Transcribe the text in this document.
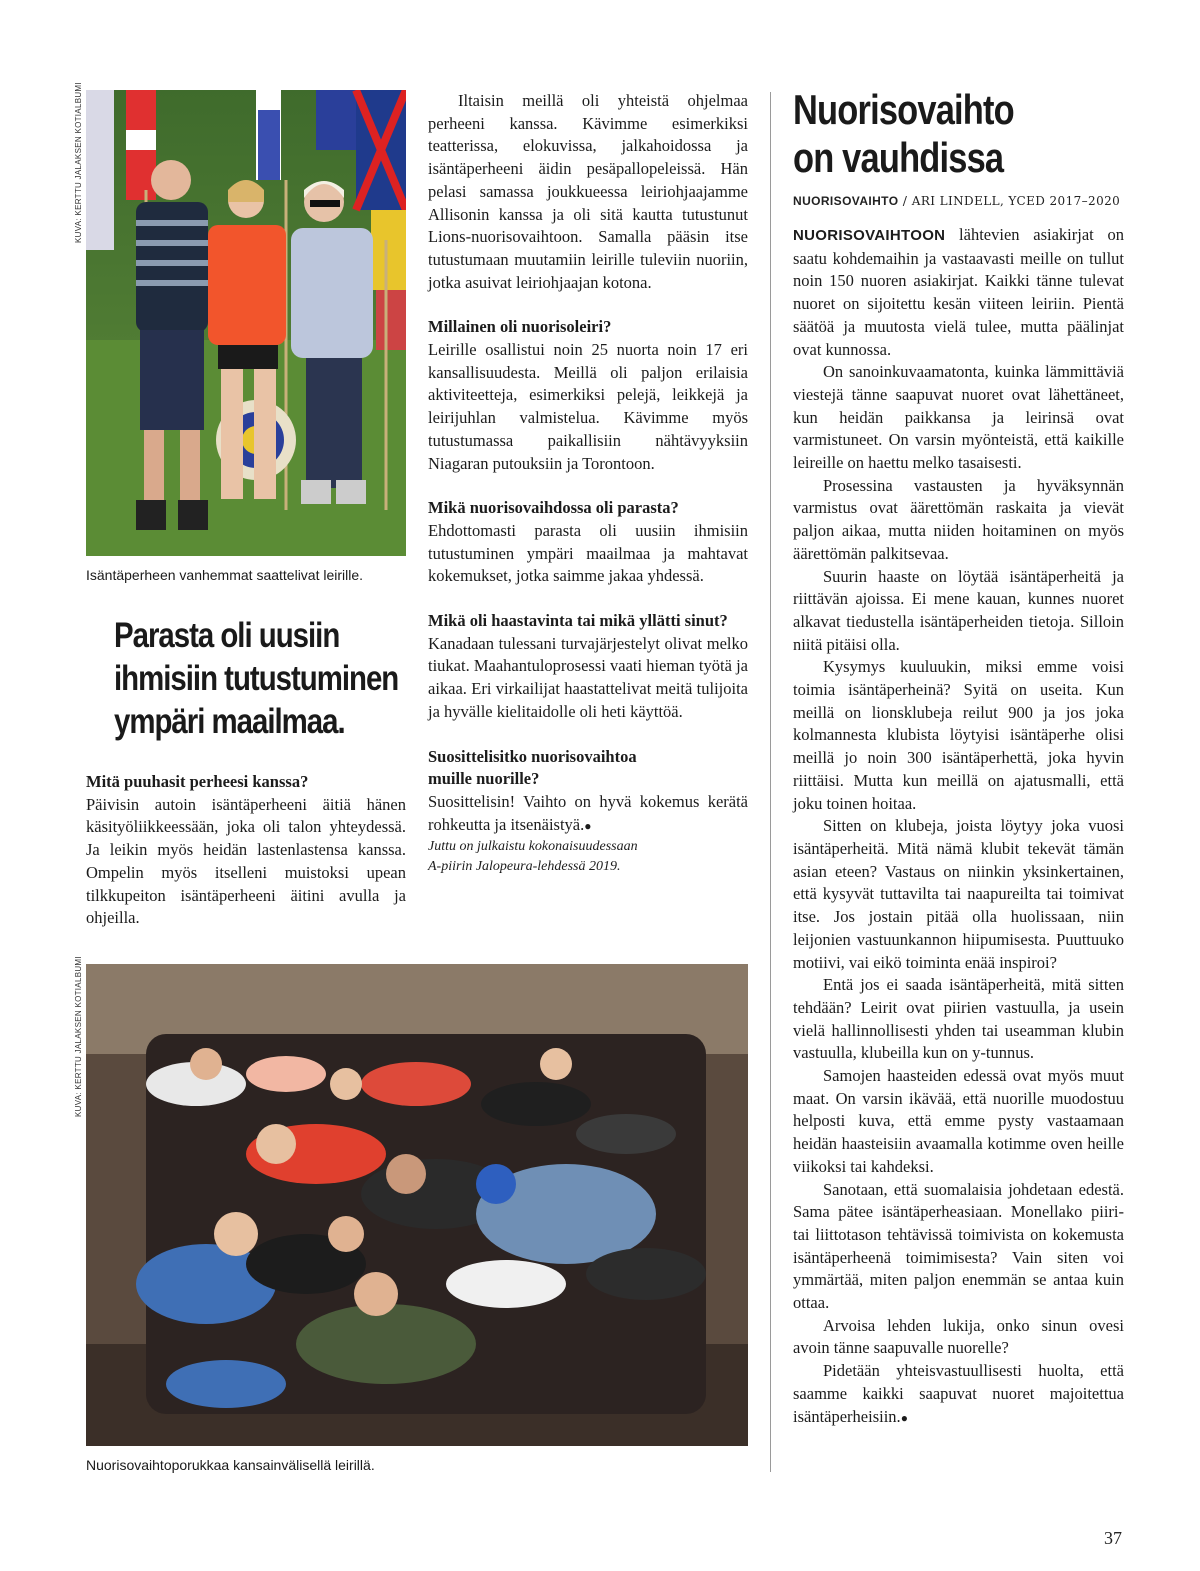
KUVA: KERTTU JALAKSEN KOTIALBUMI
KUVA: KERTTU JALAKSEN KOTIALBUMI
Isäntäperheen vanhemmat saattelivat leirille.
Parasta oli uusiin
ihmisiin tutustuminen
ympäri maailmaa.

Mitä puuhasit perheesi kanssa?

Päivisin autoin isäntäperheeni äitiä hänen käsityöliikkeessään, joka oli talon yhteydessä. Ja leikin myös heidän lastenlastensa kanssa. Ompelin myös itselleni muistoksi upean tilkkupeiton isäntäperheeni äitini avulla ja ohjeilla.

Iltaisin meillä oli yhteistä ohjelmaa perheeni kanssa. Kävimme esimerkiksi teatterissa, elokuvissa, jalkahoidossa ja isäntäperheeni äidin pesäpallopeleissä. Hän pelasi samassa joukkueessa leiriohjaajamme Allisonin kanssa ja oli sitä kautta tutustunut Lions-nuorisovaihtoon. Samalla pääsin itse tutustumaan muutamiin leirille tuleviin nuoriin, jotka asuivat leiriohjaajan kotona.

Millainen oli nuorisoleiri?

Leirille osallistui noin 25 nuorta noin 17 eri kansallisuudesta. Meillä oli paljon erilaisia aktiviteetteja, esimerkiksi pelejä, leikkejä ja leirijuhlan valmistelua. Kävimme myös tutustumassa paikallisiin nähtävyyksiin Niagaran putouksiin ja Torontoon.

Mikä nuorisovaihdossa oli parasta?

Ehdottomasti parasta oli uusiin ihmisiin tutustuminen ympäri maailmaa ja mahtavat kokemukset, jotka saimme jakaa yhdessä.

Mikä oli haastavinta tai mikä yllätti sinut?

Kanadaan tulessani turvajärjestelyt olivat melko tiukat. Maahantuloprosessi vaati hieman työtä ja aikaa. Eri virkailijat haastattelivat meitä tulijoita ja hyvälle kielitaidolle oli heti käyttöä.

Suosittelisitko nuorisovaihtoa

muille nuorille?

Suosittelisin! Vaihto on hyvä kokemus kerätä rohkeutta ja itsenäistyä.●

Juttu on julkaistu kokonaisuudessaan
A-piirin Jalopeura-lehdessä 2019.

Nuorisovaihtoporukkaa kansainvälisellä leirillä.
Nuorisovaihto
on vauhdissa
NUORISOVAIHTO / ARI LINDELL, YCED 2017–2020

NUORISOVAIHTOON lähtevien asiakirjat on saatu kohdemaihin ja vastaavasti meille on tullut noin 150 nuoren asiakirjat. Kaikki tänne tulevat nuoret on sijoitettu kesän viiteen leiriin. Pientä säätöä ja muutosta vielä tulee, mutta päälinjat ovat kunnossa.

On sanoinkuvaamatonta, kuinka lämmittäviä viestejä tänne saapuvat nuoret ovat lähettäneet, kun heidän paikkansa ja leirinsä ovat varmistuneet. On varsin myönteistä, että kaikille leireille on haettu melko tasaisesti.

Prosessina vastausten ja hyväksynnän varmistus ovat äärettömän raskaita ja vievät paljon aikaa, mutta niiden hoitaminen on myös äärettömän palkitsevaa.

Suurin haaste on löytää isäntäperheitä ja riittävän ajoissa. Ei mene kauan, kunnes nuoret alkavat tiedustella isäntäperheiden tietoja. Silloin niitä pitäisi olla.

Kysymys kuuluukin, miksi emme voisi toimia isäntäperheinä? Syitä on useita. Kun meillä on lionsklubeja reilut 900 ja jos joka kolmannesta klubista löytyisi isäntäperhe olisi meillä jo noin 300 isäntäperhettä, joka hyvin riittäisi. Mutta kun meillä on ajatusmalli, että joku toinen hoitaa.

Sitten on klubeja, joista löytyy joka vuosi isäntäperheitä. Mitä nämä klubit tekevät tämän asian eteen? Vastaus on niinkin yksinkertainen, että kysyvät tuttavilta tai naapureilta tai toimivat itse. Jos jostain pitää olla huolissaan, niin leijonien vastuunkannon hiipumisesta. Puuttuuko motiivi, vai eikö toiminta enää inspiroi?

Entä jos ei saada isäntäperheitä, mitä sitten tehdään? Leirit ovat piirien vastuulla, ja usein vielä hallinnollisesti yhden tai useamman klubin vastuulla, klubeilla kun on y-tunnus.

Samojen haasteiden edessä ovat myös muut maat. On varsin ikävää, että nuorille muodostuu helposti kuva, että emme pysty vastaamaan heidän haasteisiin avaamalla kotimme oven heille viikoksi tai kahdeksi.

Sanotaan, että suomalaisia johdetaan edestä. Sama pätee isäntäperheasiaan. Monellako piiri- tai liittotason tehtävissä toimivista on kokemusta isäntäperheenä toimimisesta? Vain siten voi ymmärtää, miten paljon enemmän se antaa kuin ottaa.

Arvoisa lehden lukija, onko sinun ovesi avoin tänne saapuvalle nuorelle?

Pidetään yhteisvastuullisesti huolta, että saamme kaikki saapuvat nuoret majoitettua isäntäperheisiin.●

37
